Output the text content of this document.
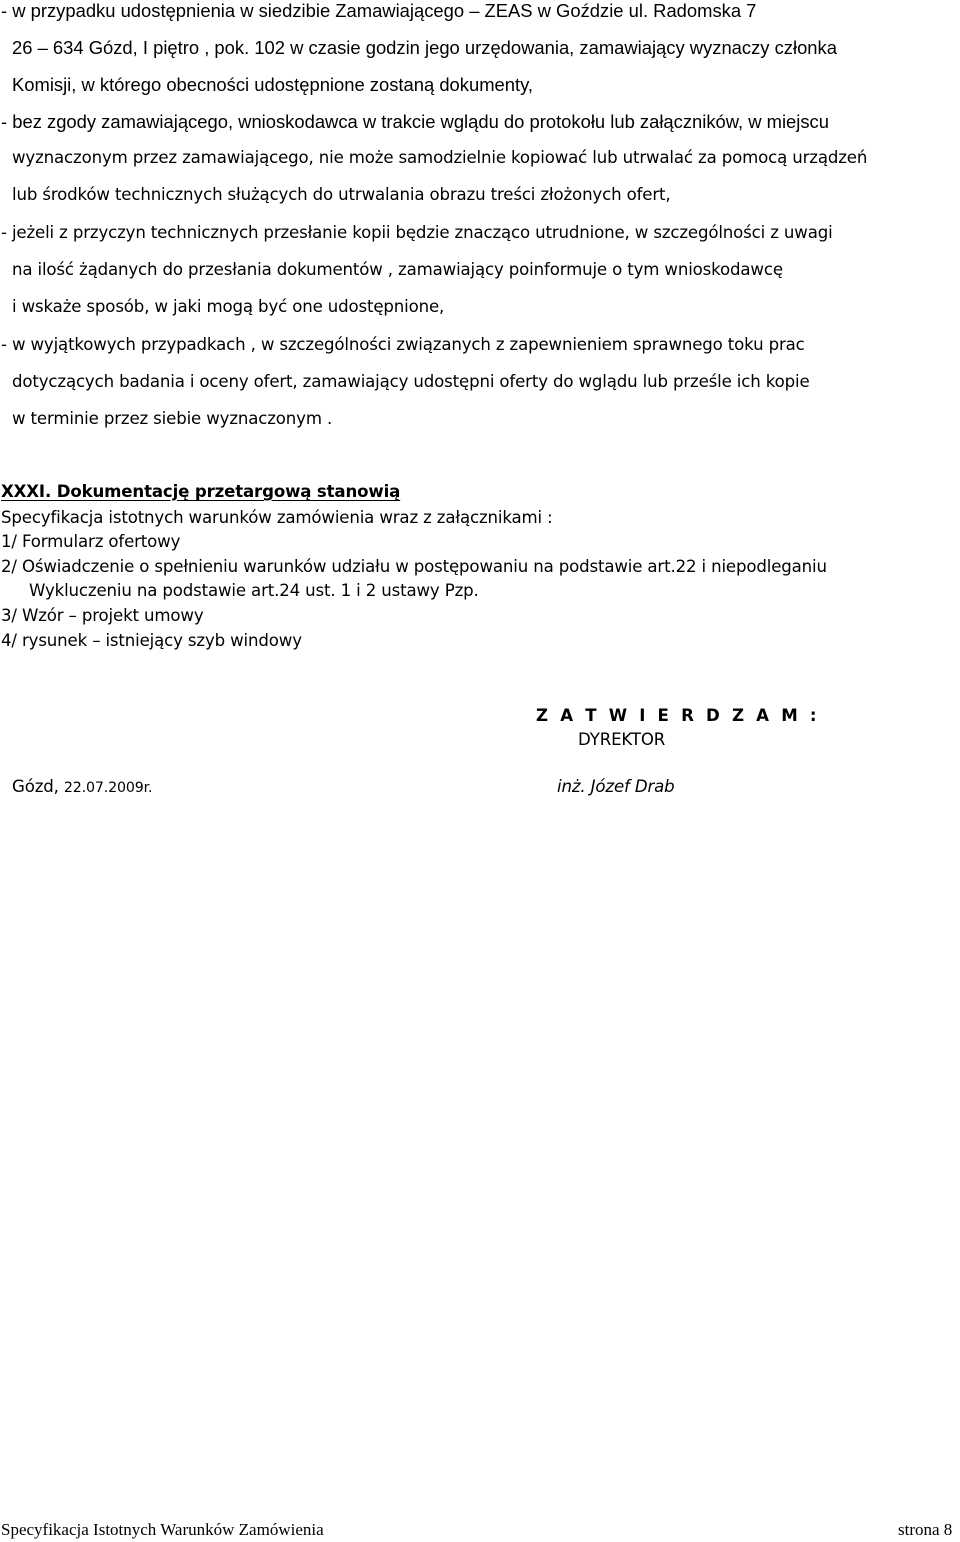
- w przypadku udostępnienia w siedzibie Zamawiającego – ZEAS w Goździe ul. Radomska 7
26 – 634 Gózd, I piętro , pok. 102 w czasie godzin jego urzędowania, zamawiający wyznaczy członka
Komisji, w którego obecności udostępnione zostaną dokumenty,
- bez zgody zamawiającego, wnioskodawca w trakcie wglądu do protokołu lub załączników, w miejscu
wyznaczonym przez zamawiającego, nie może samodzielnie kopiować lub utrwalać za pomocą urządzeń
lub środków technicznych służących do utrwalania obrazu treści złożonych ofert,
- jeżeli z przyczyn technicznych przesłanie kopii będzie znacząco utrudnione, w szczególności z uwagi
na ilość żądanych do przesłania dokumentów , zamawiający poinformuje o tym wnioskodawcę
i wskaże sposób, w jaki mogą być one udostępnione,
- w wyjątkowych przypadkach , w szczególności związanych z zapewnieniem sprawnego toku prac
dotyczących badania i oceny ofert, zamawiający udostępni oferty do wglądu lub prześle ich kopie
w terminie przez siebie wyznaczonym .
XXXI. Dokumentację przetargową stanowią
Specyfikacja istotnych warunków zamówienia wraz z załącznikami :
1/ Formularz ofertowy
2/ Oświadczenie o spełnieniu warunków udziału w postępowaniu na podstawie art.22 i niepodleganiu
Wykluczeniu na podstawie art.24 ust. 1 i 2 ustawy Pzp.
3/ Wzór – projekt umowy
4/ rysunek – istniejący szyb windowy
Z A T W I E R D Z A M :
DYREKTOR
Gózd, 22.07.2009r.	inż. Józef Drab
Specyfikacja Istotnych Warunków Zamówienia	strona 8
